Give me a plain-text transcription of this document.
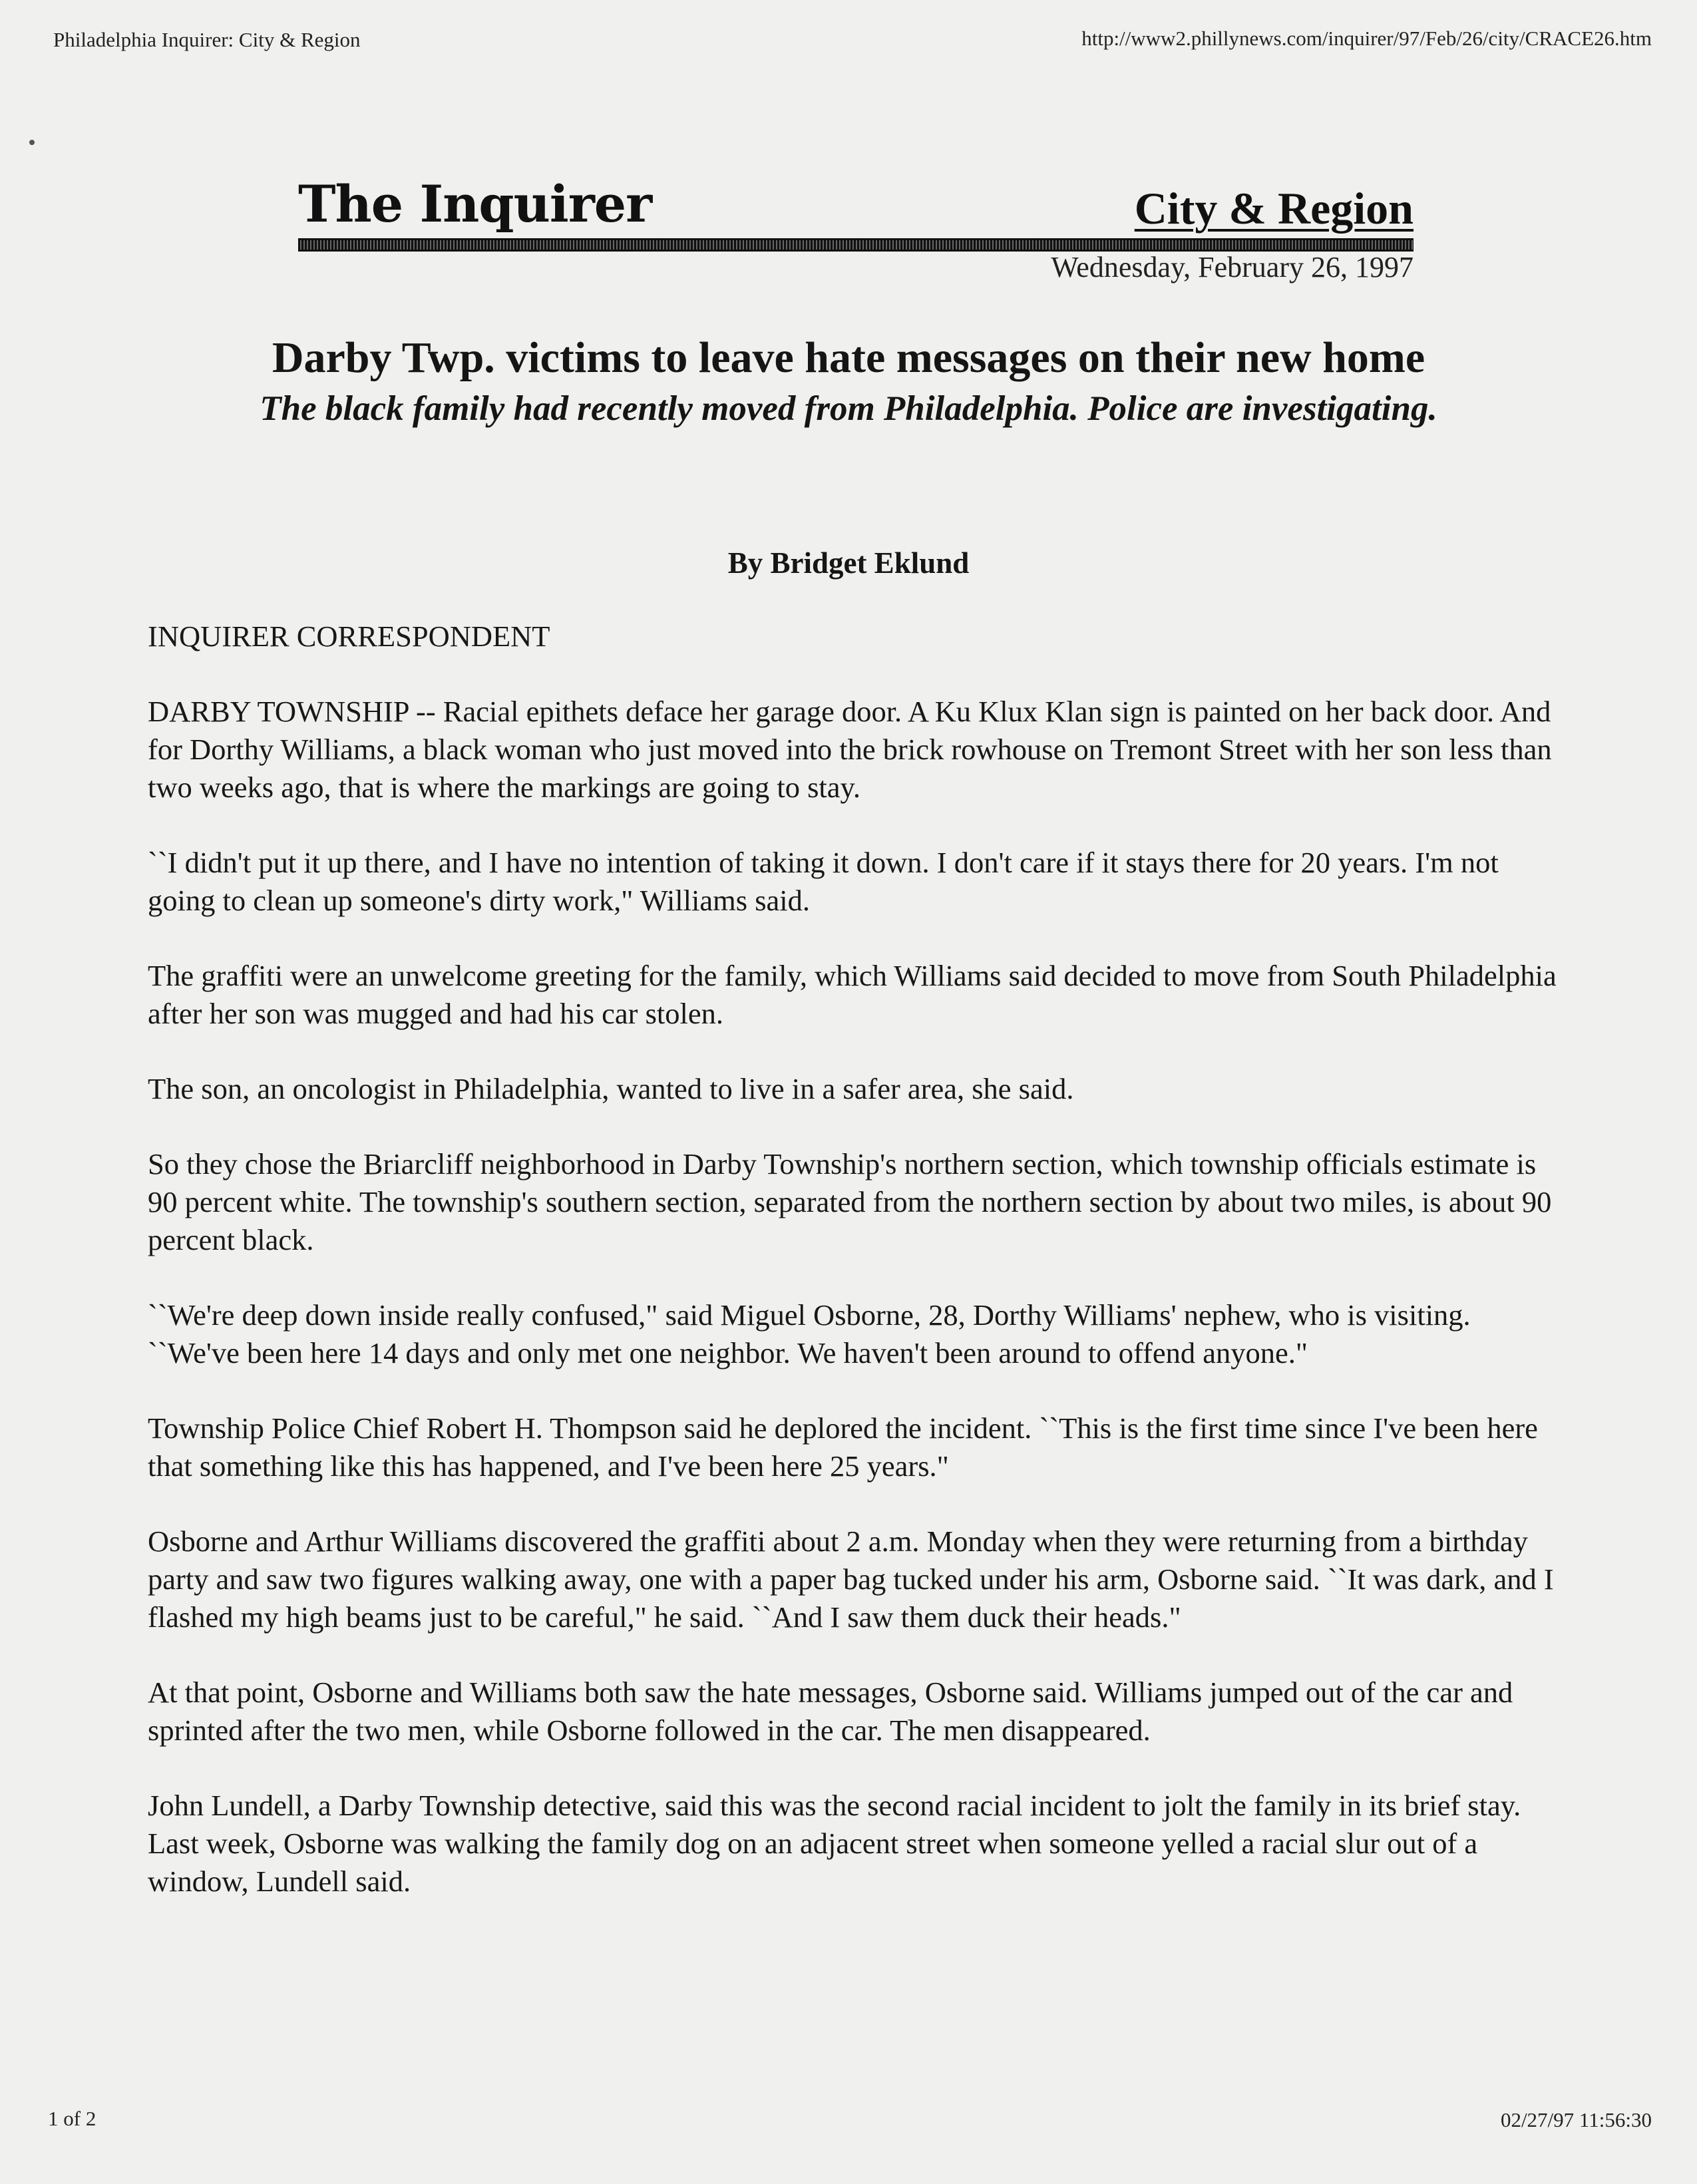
Philadelphia Inquirer: City & Region	http://www2.phillynews.com/inquirer/97/Feb/26/city/CRACE26.htm
The Inquirer	City & Region
Wednesday, February 26, 1997
Darby Twp. victims to leave hate messages on their new home
The black family had recently moved from Philadelphia. Police are investigating.
By Bridget Eklund

INQUIRER CORRESPONDENT

DARBY TOWNSHIP -- Racial epithets deface her garage door. A Ku Klux Klan sign is painted on her back door. And for Dorthy Williams, a black woman who just moved into the brick rowhouse on Tremont Street with her son less than two weeks ago, that is where the markings are going to stay.

``I didn't put it up there, and I have no intention of taking it down. I don't care if it stays there for 20 years. I'm not going to clean up someone's dirty work," Williams said.

The graffiti were an unwelcome greeting for the family, which Williams said decided to move from South Philadelphia after her son was mugged and had his car stolen.

The son, an oncologist in Philadelphia, wanted to live in a safer area, she said.

So they chose the Briarcliff neighborhood in Darby Township's northern section, which township officials estimate is 90 percent white. The township's southern section, separated from the northern section by about two miles, is about 90 percent black.

``We're deep down inside really confused," said Miguel Osborne, 28, Dorthy Williams' nephew, who is visiting. ``We've been here 14 days and only met one neighbor. We haven't been around to offend anyone."

Township Police Chief Robert H. Thompson said he deplored the incident. ``This is the first time since I've been here that something like this has happened, and I've been here 25 years."

Osborne and Arthur Williams discovered the graffiti about 2 a.m. Monday when they were returning from a birthday party and saw two figures walking away, one with a paper bag tucked under his arm, Osborne said. ``It was dark, and I flashed my high beams just to be careful," he said. ``And I saw them duck their heads."

At that point, Osborne and Williams both saw the hate messages, Osborne said. Williams jumped out of the car and sprinted after the two men, while Osborne followed in the car. The men disappeared.

John Lundell, a Darby Township detective, said this was the second racial incident to jolt the family in its brief stay. Last week, Osborne was walking the family dog on an adjacent street when someone yelled a racial slur out of a window, Lundell said.

1 of 2	02/27/97 11:56:30
